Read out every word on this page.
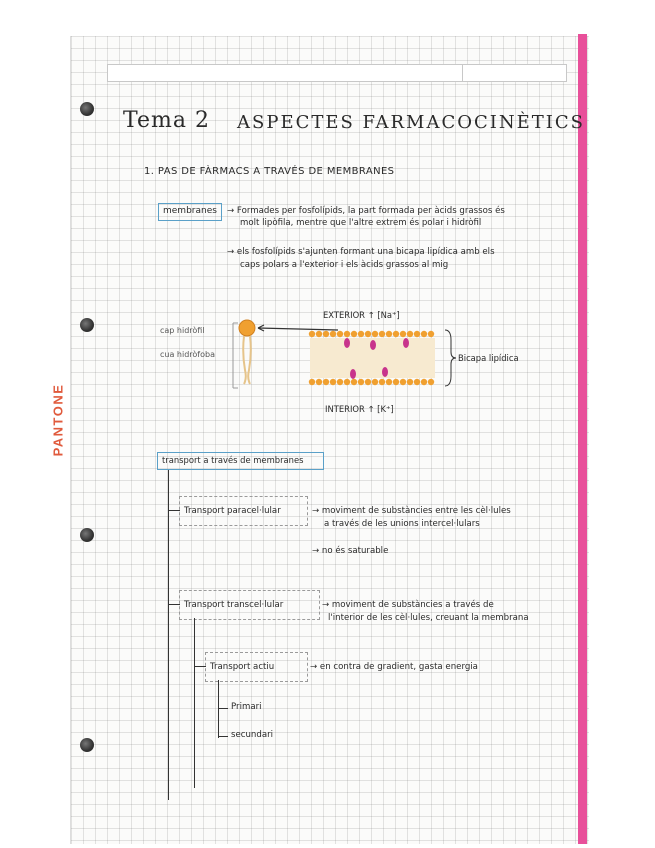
PANTONE
Tema 2 ASPECTES FARMACOCINÈTICS
1. PAS DE FÀRMACS A TRAVÉS DE MEMBRANES
membranes → Formades per fosfolípids, la part formada per àcids grassos és
molt lipòfila, mentre que l'altre extrem és polar i hidròfil
→ els fosfolípids s'ajunten formant una bicapa lipídica amb els
caps polars a l'exterior i els àcids grassos al mig
cap hidròfil
cua hidròfoba
EXTERIOR ↑ [Na⁺]
INTERIOR ↑ [K⁺]
Bicapa lipídica
transport a través de membranes
Transport paracel·lular	→ moviment de substàncies entre les cèl·lules
a través de les unions intercel·lulars
→ no és saturable
Transport transcel·lular	→ moviment de substàncies a través de
l'interior de les cèl·lules, creuant la membrana
Transport actiu	→ en contra de gradient, gasta energia
Primari
secundari
